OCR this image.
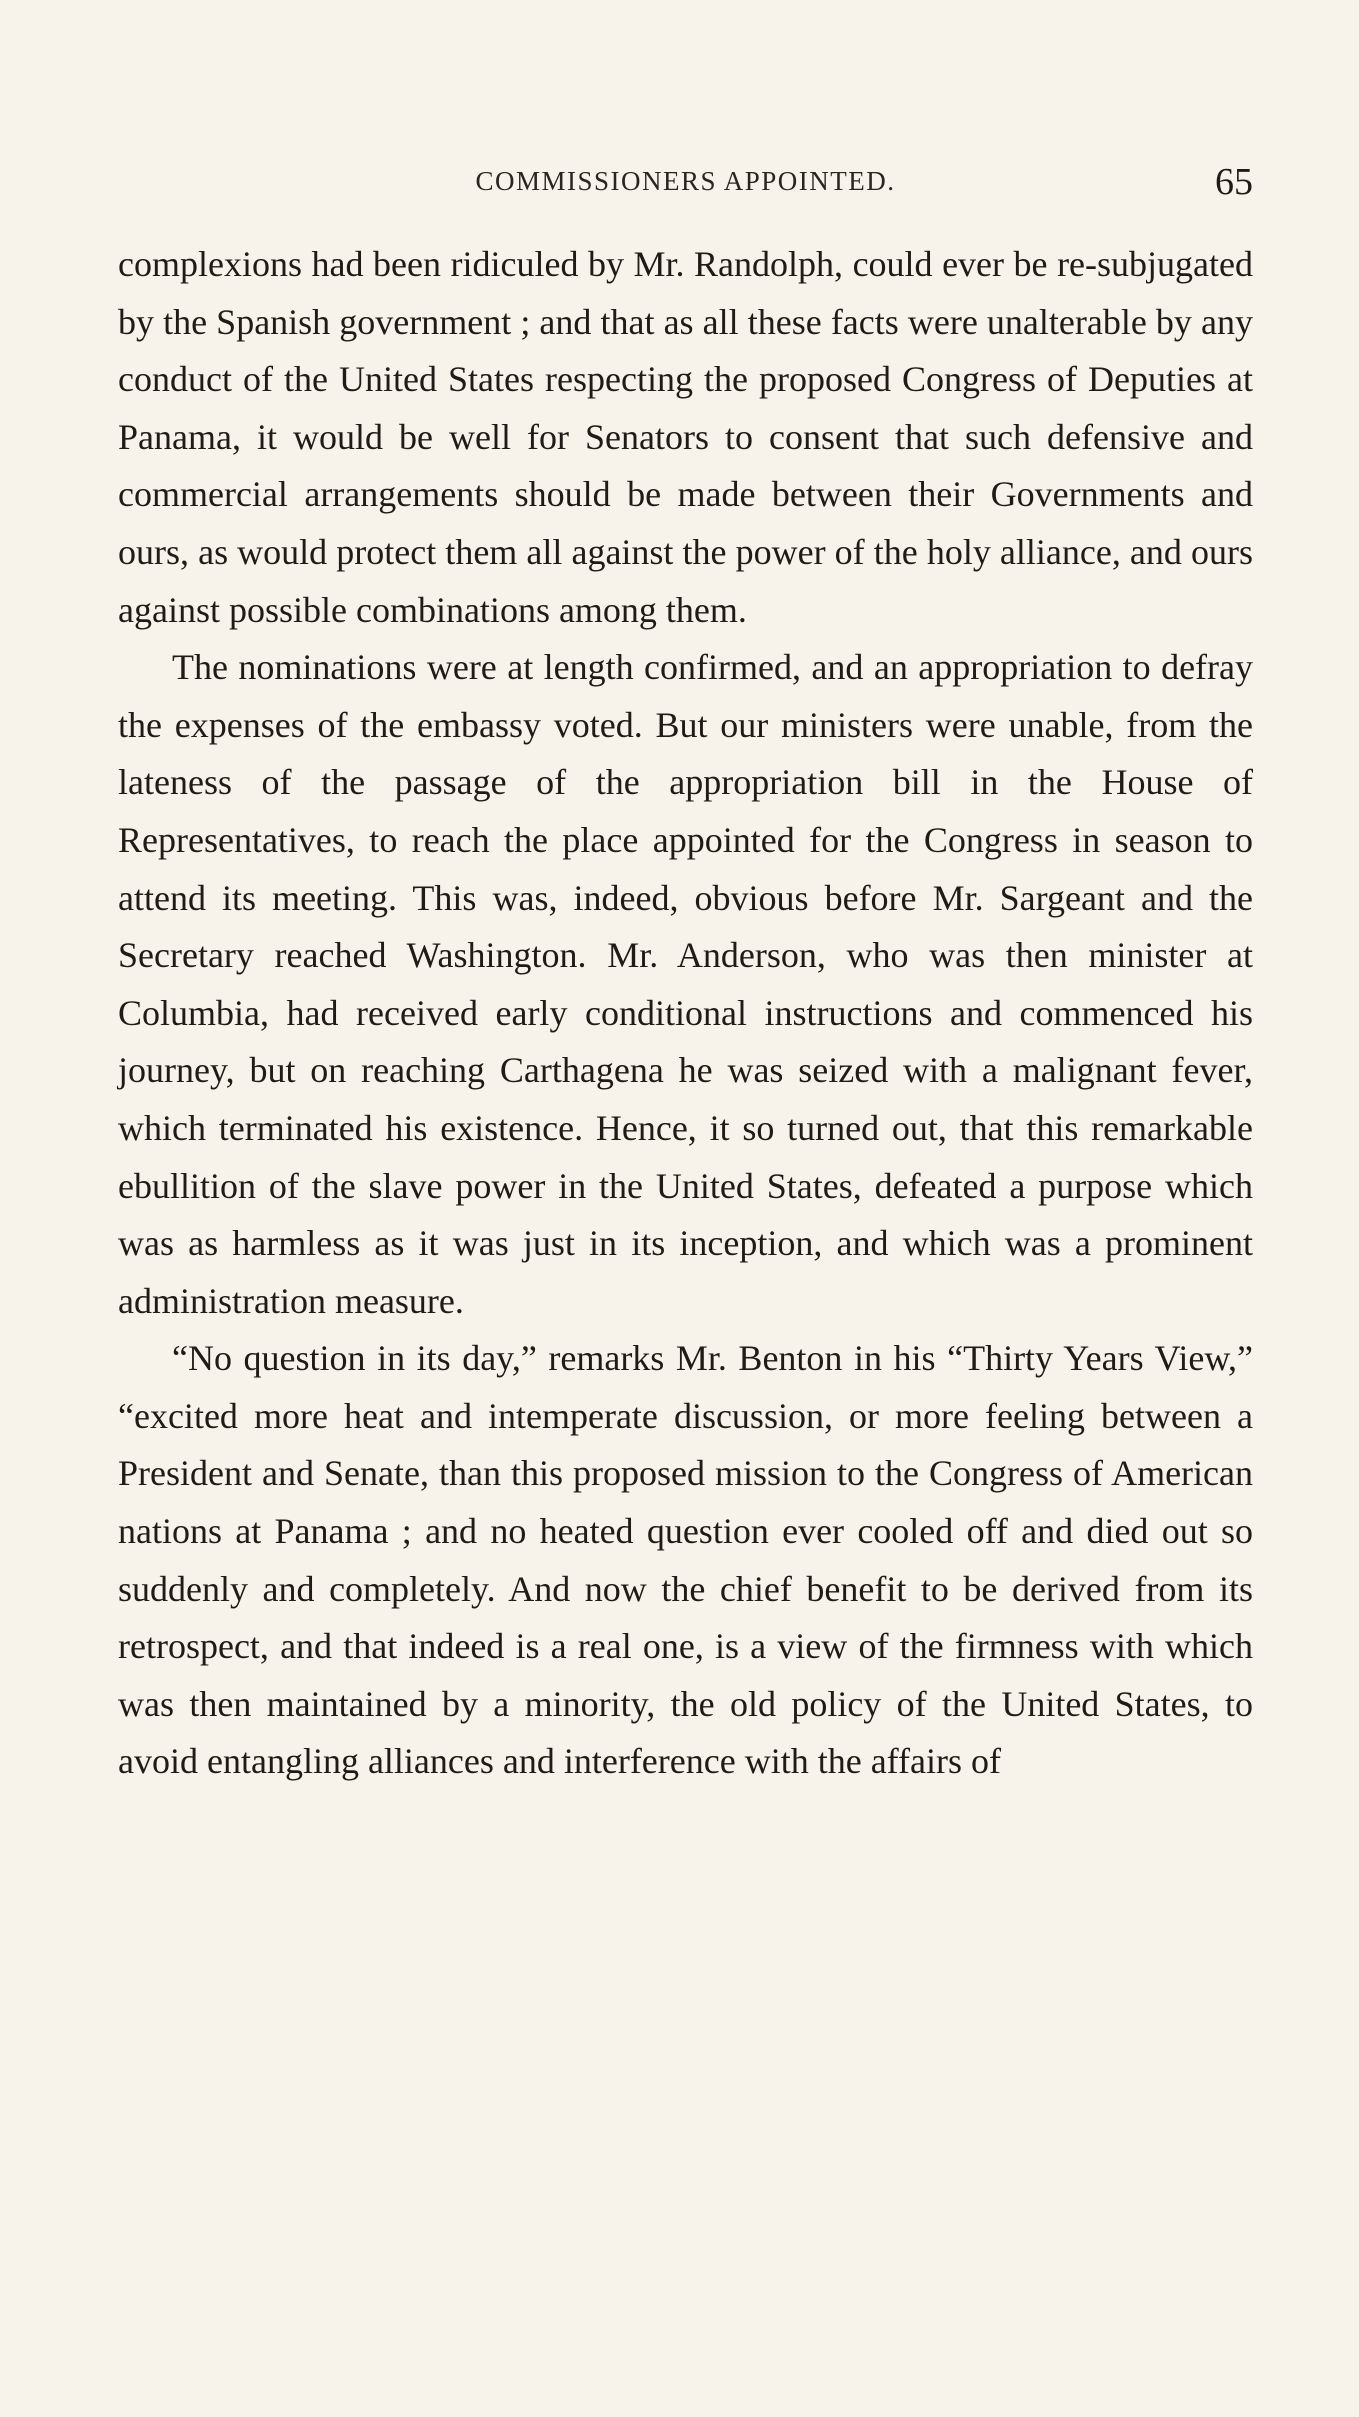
COMMISSIONERS APPOINTED.	65

complexions had been ridiculed by Mr. Randolph, could ever be re-subjugated by the Spanish government ; and that as all these facts were unalterable by any conduct of the United States respecting the proposed Congress of Deputies at Panama, it would be well for Senators to consent that such defensive and commercial arrangements should be made between their Governments and ours, as would protect them all against the power of the holy alliance, and ours against possible combinations among them.

The nominations were at length confirmed, and an appropriation to defray the expenses of the embassy voted. But our ministers were unable, from the lateness of the passage of the appropriation bill in the House of Representatives, to reach the place appointed for the Congress in season to attend its meeting. This was, indeed, obvious before Mr. Sargeant and the Secretary reached Washington. Mr. Anderson, who was then minister at Columbia, had received early conditional instructions and commenced his journey, but on reaching Carthagena he was seized with a malignant fever, which terminated his existence. Hence, it so turned out, that this remarkable ebullition of the slave power in the United States, defeated a purpose which was as harmless as it was just in its inception, and which was a prominent administration measure.

“No question in its day,” remarks Mr. Benton in his “Thirty Years View,” “excited more heat and intemperate discussion, or more feeling between a President and Senate, than this proposed mission to the Congress of American nations at Panama ; and no heated question ever cooled off and died out so suddenly and completely. And now the chief benefit to be derived from its retrospect, and that indeed is a real one, is a view of the firmness with which was then maintained by a minority, the old policy of the United States, to avoid entangling alliances and interference with the affairs of
